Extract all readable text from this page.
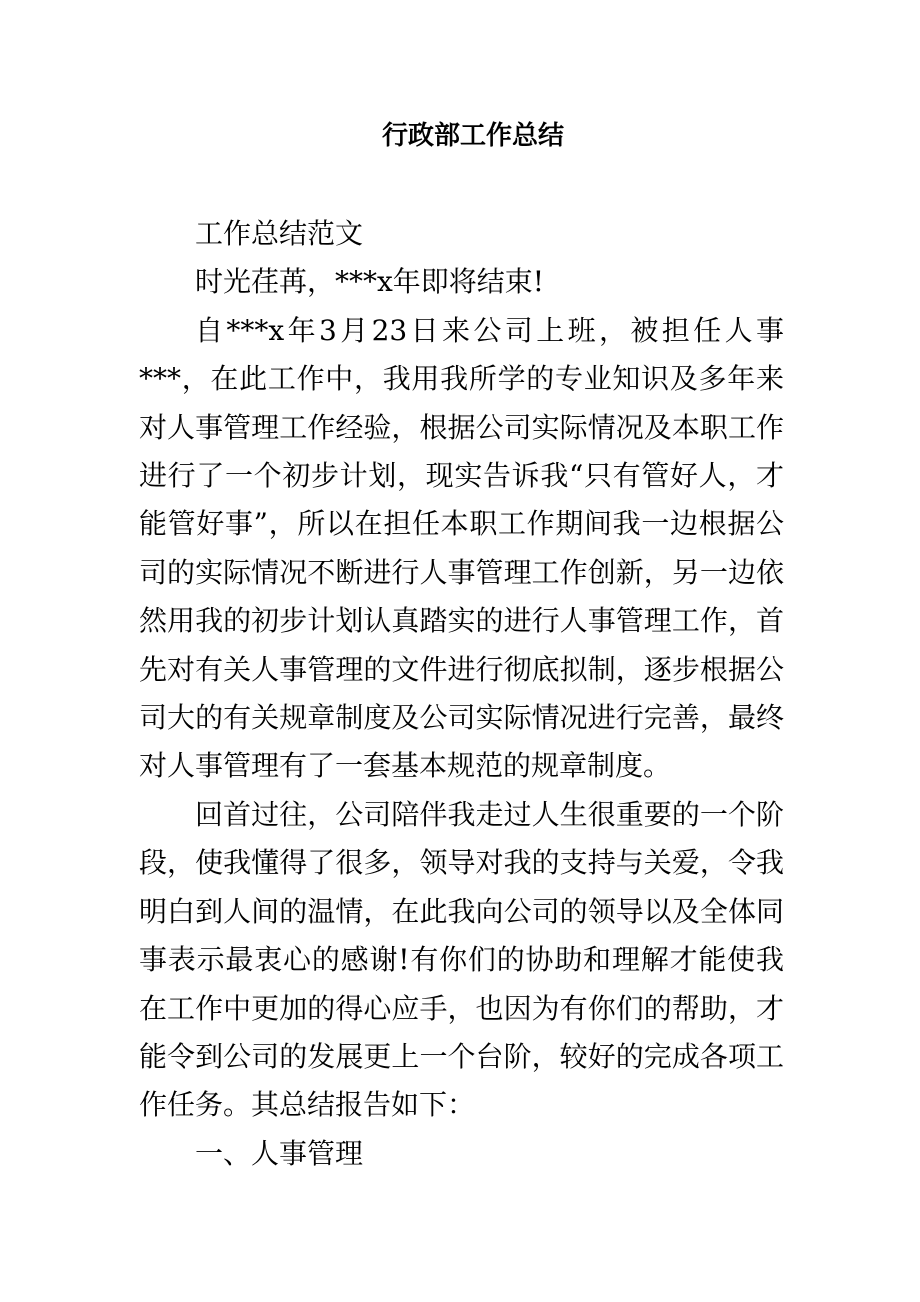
行政部工作总结

工作总结范文

时光荏苒，***x年即将结束!

自***x年3月23日来公司上班，被担任人事***，在此工作中，我用我所学的专业知识及多年来对人事管理工作经验，根据公司实际情况及本职工作进行了一个初步计划，现实告诉我“只有管好人，才能管好事”，所以在担任本职工作期间我一边根据公司的实际情况不断进行人事管理工作创新，另一边依然用我的初步计划认真踏实的进行人事管理工作，首先对有关人事管理的文件进行彻底拟制，逐步根据公司大的有关规章制度及公司实际情况进行完善，最终对人事管理有了一套基本规范的规章制度。

回首过往，公司陪伴我走过人生很重要的一个阶段，使我懂得了很多，领导对我的支持与关爱，令我明白到人间的温情，在此我向公司的领导以及全体同事表示最衷心的感谢!有你们的协助和理解才能使我在工作中更加的得心应手，也因为有你们的帮助，才能令到公司的发展更上一个台阶，较好的完成各项工作任务。其总结报告如下：

一、人事管理
